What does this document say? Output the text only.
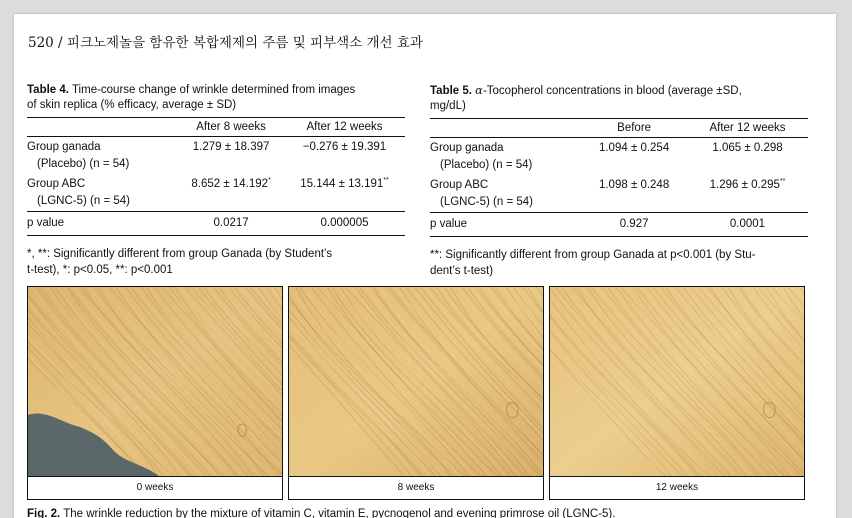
520 / 피크노제놀을 함유한 복합제제의 주름 및 피부색소 개선 효과
Table 4. Time-course change of wrinkle determined from images
of skin replica (% efficacy, average ± SD)
	After 8 weeks	After 12 weeks
Group ganada
(Placebo) (n = 54)	1.279 ± 18.397	−0.276 ± 19.391
Group ABC
(LGNC-5) (n = 54)	8.652 ± 14.192*	15.144 ± 13.191**
p value	0.0217	0.000005
*, **: Significantly different from group Ganada (by Student’s
t-test), *: p<0.05, **: p<0.001
Table 5. α-Tocopherol concentrations in blood (average ±SD,
mg/dL)
	Before	After 12 weeks
Group ganada
(Placebo) (n = 54)	1.094 ± 0.254	1.065 ± 0.298
Group ABC
(LGNC-5) (n = 54)	1.098 ± 0.248	1.296 ± 0.295**
p value	0.927	0.0001
**: Significantly different from group Ganada at p<0.001 (by Stu-
dent’s t-test)
0 weeks	8 weeks	12 weeks
Fig. 2. The wrinkle reduction by the mixture of vitamin C, vitamin E, pycnogenol and evening primrose oil (LGNC-5).
